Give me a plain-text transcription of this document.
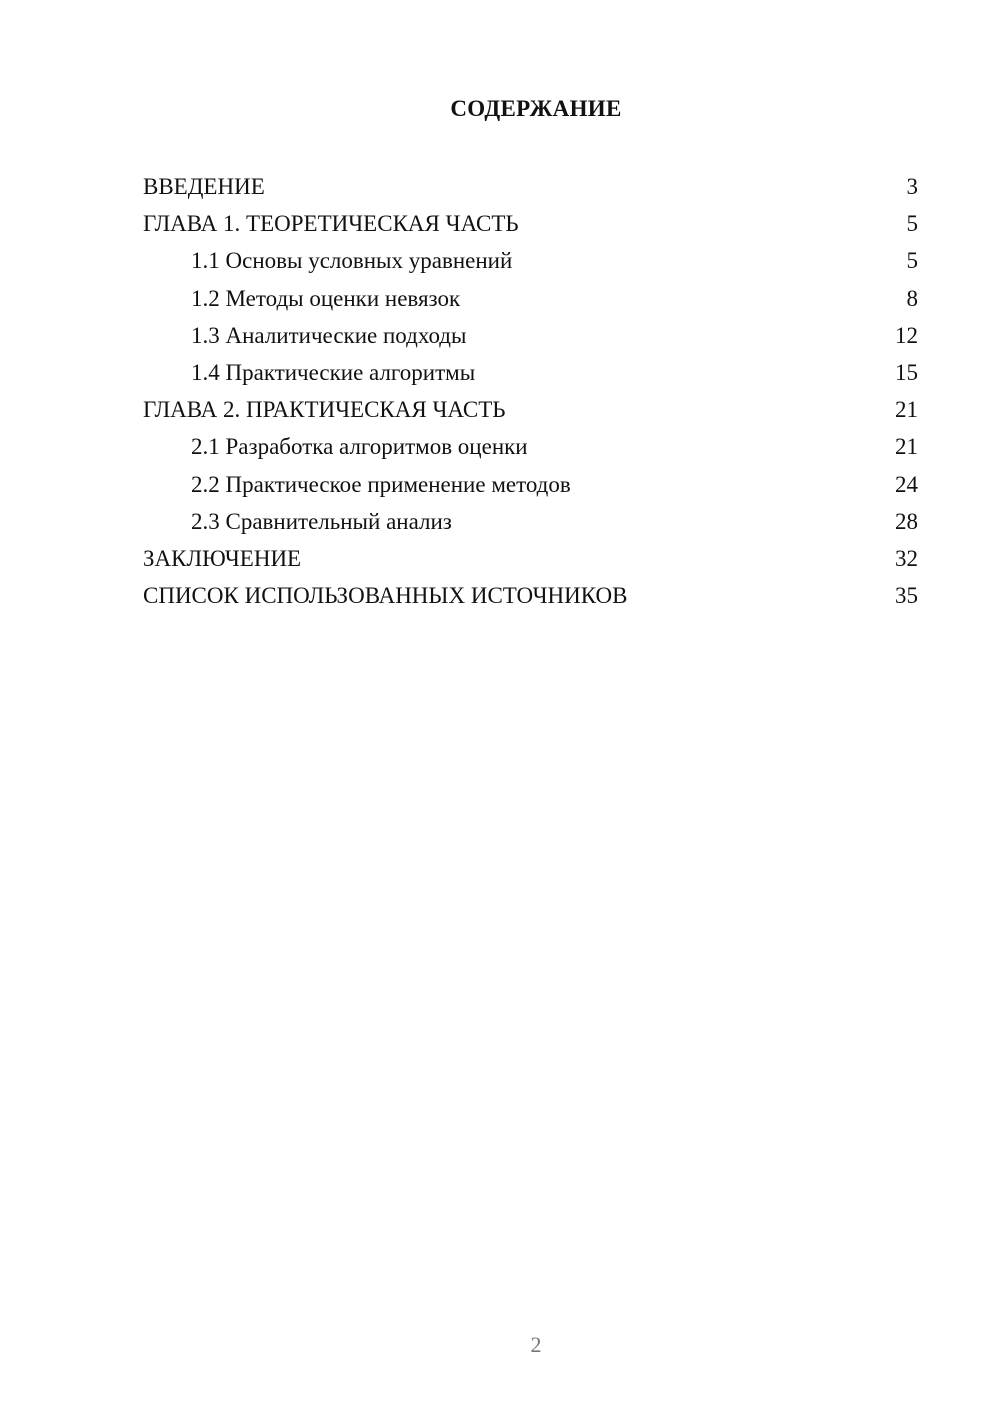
СОДЕРЖАНИЕ
ВВЕДЕНИЕ	3
ГЛАВА 1. ТЕОРЕТИЧЕСКАЯ ЧАСТЬ	5
1.1 Основы условных уравнений	5
1.2 Методы оценки невязок	8
1.3 Аналитические подходы	12
1.4 Практические алгоритмы	15
ГЛАВА 2. ПРАКТИЧЕСКАЯ ЧАСТЬ	21
2.1 Разработка алгоритмов оценки	21
2.2 Практическое применение методов	24
2.3 Сравнительный анализ	28
ЗАКЛЮЧЕНИЕ	32
СПИСОК ИСПОЛЬЗОВАННЫХ ИСТОЧНИКОВ	35
2
